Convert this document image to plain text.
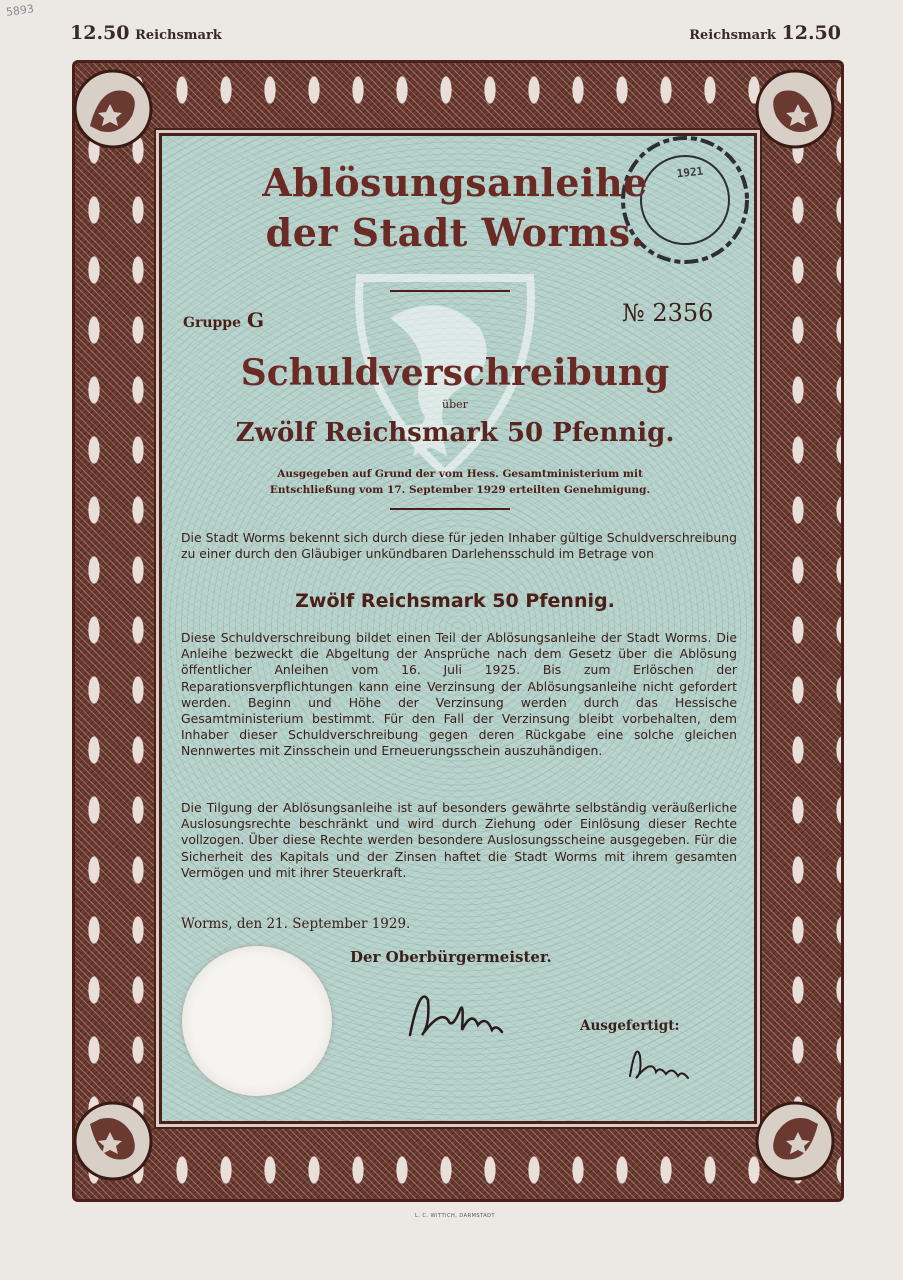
5893
12.50 Reichsmark	Reichsmark 12.50
1921
Ablösungsanleihe
der Stadt Worms.
Gruppe G	№ 2356
Schuldverschreibung
über
Zwölf Reichsmark 50 Pfennig.
Ausgegeben auf Grund der vom Hess. Gesamtministerium mit
Entschließung vom 17. September 1929 erteilten Genehmigung.
Die Stadt Worms bekennt sich durch diese für jeden Inhaber gültige Schuldverschreibung zu einer durch den Gläubiger unkündbaren Darlehensschuld im Betrage von
Zwölf Reichsmark 50 Pfennig.
Diese Schuldverschreibung bildet einen Teil der Ablösungsanleihe der Stadt Worms. Die Anleihe bezweckt die Abgeltung der Ansprüche nach dem Gesetz über die Ablösung öffentlicher Anleihen vom 16. Juli 1925. Bis zum Erlöschen der Reparationsverpflichtungen kann eine Verzinsung der Ablösungsanleihe nicht gefordert werden. Beginn und Höhe der Verzinsung werden durch das Hessische Gesamtministerium bestimmt. Für den Fall der Verzinsung bleibt vorbehalten, dem Inhaber dieser Schuldverschreibung gegen deren Rückgabe eine solche gleichen Nennwertes mit Zinsschein und Erneuerungsschein auszuhändigen.
Die Tilgung der Ablösungsanleihe ist auf besonders gewährte selbständig veräußerliche Auslosungsrechte beschränkt und wird durch Ziehung oder Einlösung dieser Rechte vollzogen. Über diese Rechte werden besondere Auslosungsscheine ausgegeben. Für die Sicherheit des Kapitals und der Zinsen haftet die Stadt Worms mit ihrem gesamten Vermögen und mit ihrer Steuerkraft.
Worms, den 21. September 1929.
Der Oberbürgermeister.
Ausgefertigt:
L. C. WITTICH, DARMSTADT
